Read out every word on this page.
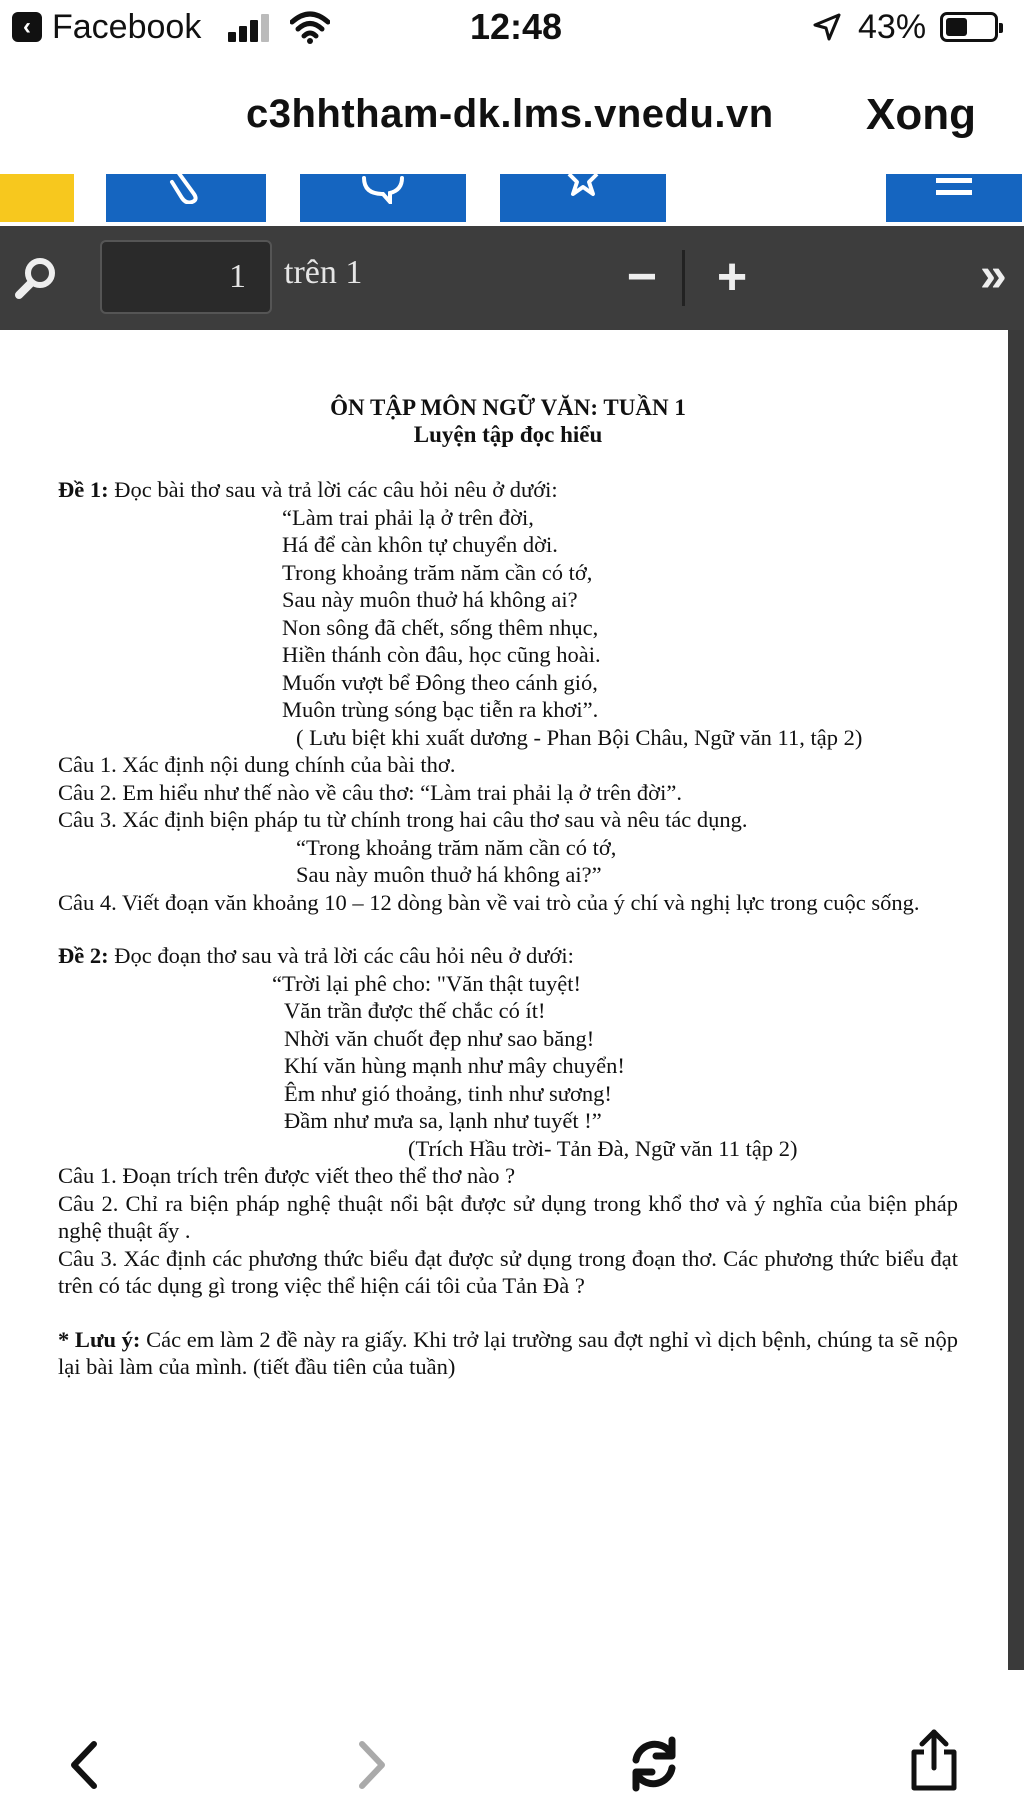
‹ Facebook	12:48	43%
c3hhtham-dk.lms.vnedu.vn Xong
1	trên 1	− +	»
ÔN TẬP MÔN NGỮ VĂN: TUẦN 1
Luyện tập đọc hiểu

Đề 1: Đọc bài thơ sau và trả lời các câu hỏi nêu ở dưới:

“Làm trai phải lạ ở trên đời,
Há để càn khôn tự chuyển dời.
Trong khoảng trăm năm cần có tớ,
Sau này muôn thuở há không ai?
Non sông đã chết, sống thêm nhục,
Hiền thánh còn đâu, học cũng hoài.
Muốn vượt bể Đông theo cánh gió,
Muôn trùng sóng bạc tiễn ra khơi”.

( Lưu biệt khi xuất dương - Phan Bội Châu, Ngữ văn 11, tập 2)

Câu 1. Xác định nội dung chính của bài thơ.

Câu 2. Em hiểu như thế nào về câu thơ: “Làm trai phải lạ ở trên đời”.

Câu 3. Xác định biện pháp tu từ chính trong hai câu thơ sau và nêu tác dụng.

“Trong khoảng trăm năm cần có tớ,
Sau này muôn thuở há không ai?”

Câu 4. Viết đoạn văn khoảng 10 – 12 dòng bàn về vai trò của ý chí và nghị lực trong cuộc sống.

Đề 2: Đọc đoạn thơ sau và trả lời các câu hỏi nêu ở dưới:

“Trời lại phê cho: "Văn thật tuyệt!
Văn trần được thế chắc có ít!
Nhời văn chuốt đẹp như sao băng!
Khí văn hùng mạnh như mây chuyển!
Êm như gió thoảng, tinh như sương!
Đầm như mưa sa, lạnh như tuyết !”

(Trích Hầu trời- Tản Đà, Ngữ văn 11 tập 2)

Câu 1. Đoạn trích trên được viết theo thể thơ nào ?

Câu 2. Chỉ ra biện pháp nghệ thuật nổi bật được sử dụng trong khổ thơ và ý nghĩa của biện pháp nghệ thuật ấy .

Câu 3. Xác định các phương thức biểu đạt được sử dụng trong đoạn thơ. Các phương thức biểu đạt trên có tác dụng gì trong việc thể hiện cái tôi của Tản Đà ?

* Lưu ý: Các em làm 2 đề này ra giấy. Khi trở lại trường sau đợt nghỉ vì dịch bệnh, chúng ta sẽ nộp lại bài làm của mình. (tiết đầu tiên của tuần)
